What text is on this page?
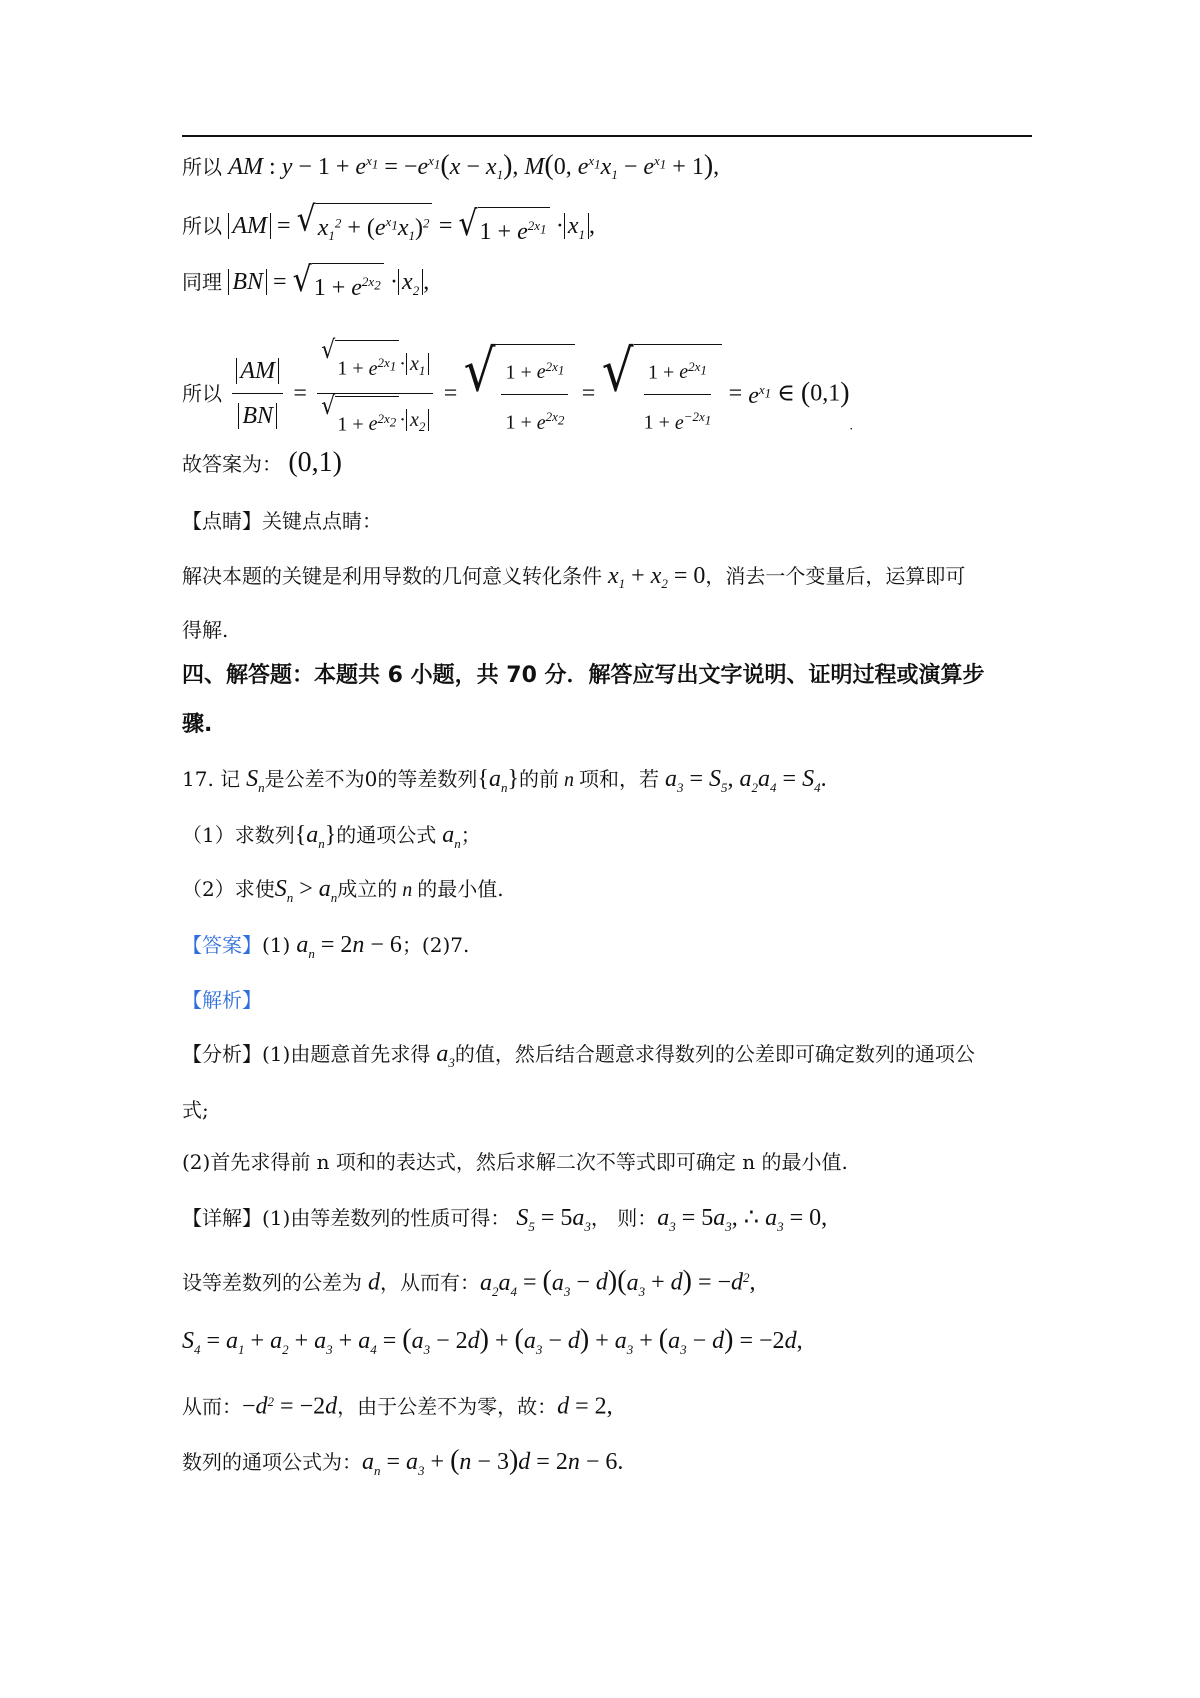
所以 AM : $y - 1 + e^{x_1} = -e^{x_1}(x - x_1)$, M(0, $e^{x_1}x_1 - e^{x_1} + 1$),
所以 AM = √ $x_1^2 + (e^{x_1}x_1)^2$ = √ $1 + e^{2x_1} \cdot x_1$ ,
同理 BN = √ $1 + e^{2x_2} \cdot x_2$ ,
所以 $\frac{AM}{BN}$ = √
$1 + e^{2x_1} \cdot x_1$
√
$1 + e^{2x_2} \cdot x_2$ = √ $\frac{1 + e^{2x_1}}{1 + e^{2x_2}}$ = √ $\frac{1 + e^{2x_1}}{1 + e^{-2x_1}} = e^{x_1}$ ∈ (0,1).
故答案为： (0,1)
【点睛】关键点点睛：
解决本题的关键是利用导数的几何意义转化条件 $x_1 + x_2 = 0$，消去一个变量后，运算即可
得解.
四、解答题：本题共 6 小题，共 70 分．解答应写出文字说明、证明过程或演算步
骤.
17. 记 $S_n$是公差不为0的等差数列$\{a_n\}$的前 n 项和，若 $a_3 = S_5$, $a_2a_4 = S_4$.
（1）求数列$\{a_n\}$的通项公式 $a_n$；
（2）求使$S_n > a_n$成立的 n 的最小值.
【答案】(1) $a_n = 2n - 6$；(2)7.
【解析】
【分析】(1)由题意首先求得 $a_3$的值，然后结合题意求得数列的公差即可确定数列的通项公
式;
(2)首先求得前 n 项和的表达式，然后求解二次不等式即可确定 n 的最小值.
【详解】(1)由等差数列的性质可得： $S_5 = 5a_3$， 则：$a_3 = 5a_3$, ∴ $a_3 = 0$,
设等差数列的公差为 d，从而有：$a_2a_4 = (a_3 - d)(a_3 + d) = -d^2$,
$S_4 = a_1 + a_2 + a_3 + a_4 = (a_3 - 2d) + (a_3 - d) + a_3 + (a_3 - d) = -2d$,
从而：$-d^2 = -2d$，由于公差不为零，故：d = 2,
数列的通项公式为：$a_n = a_3 + (n - 3)d = 2n - 6$.
